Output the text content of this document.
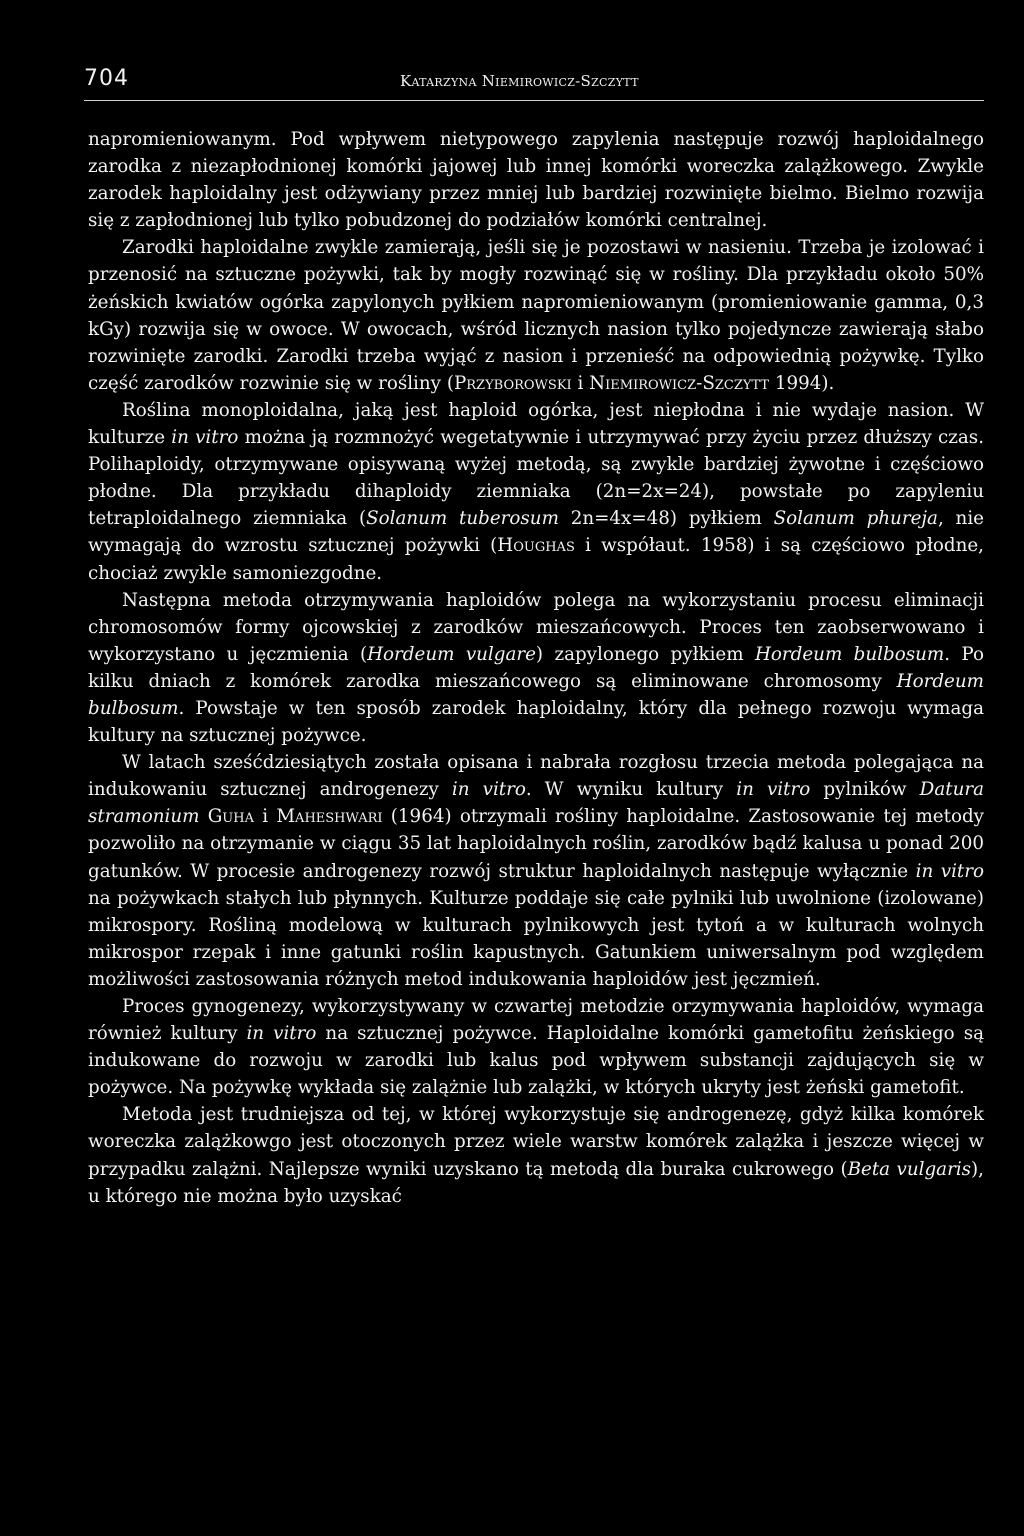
704	Katarzyna Niemirowicz-Szczytt

napromieniowanym. Pod wpływem nietypowego zapylenia następuje rozwój haploidalnego zarodka z niezapłodnionej komórki jajowej lub innej komórki woreczka zalążkowego. Zwykle zarodek haploidalny jest odżywiany przez mniej lub bardziej rozwinięte bielmo. Bielmo rozwija się z zapłodnionej lub tylko pobudzonej do podziałów komórki centralnej.

Zarodki haploidalne zwykle zamierają, jeśli się je pozostawi w nasieniu. Trzeba je izolować i przenosić na sztuczne pożywki, tak by mogły rozwinąć się w rośliny. Dla przykładu około 50% żeńskich kwiatów ogórka zapylonych pyłkiem napromieniowanym (promieniowanie gamma, 0,3 kGy) rozwija się w owoce. W owocach, wśród licznych nasion tylko pojedyncze zawierają słabo rozwinięte zarodki. Zarodki trzeba wyjąć z nasion i przenieść na odpowiednią pożywkę. Tylko część zarodków rozwinie się w rośliny (Przyborowski i Niemirowicz-Szczytt 1994).

Roślina monoploidalna, jaką jest haploid ogórka, jest niepłodna i nie wydaje nasion. W kulturze in vitro można ją rozmnożyć wegetatywnie i utrzymywać przy życiu przez dłuższy czas. Polihaploidy, otrzymywane opisywaną wyżej metodą, są zwykle bardziej żywotne i częściowo płodne. Dla przykładu dihaploidy ziemniaka (2n=2x=24), powstałe po zapyleniu tetraploidalnego ziemniaka (Solanum tuberosum 2n=4x=48) pyłkiem Solanum phureja, nie wymagają do wzrostu sztucznej pożywki (Houghas i współaut. 1958) i są częściowo płodne, chociaż zwykle samoniezgodne.

Następna metoda otrzymywania haploidów polega na wykorzystaniu procesu eliminacji chromosomów formy ojcowskiej z zarodków mieszańcowych. Proces ten zaobserwowano i wykorzystano u jęczmienia (Hordeum vulgare) zapylonego pyłkiem Hordeum bulbosum. Po kilku dniach z komórek zarodka mieszańcowego są eliminowane chromosomy Hordeum bulbosum. Powstaje w ten sposób zarodek haploidalny, który dla pełnego rozwoju wymaga kultury na sztucznej pożywce.

W latach sześćdziesiątych została opisana i nabrała rozgłosu trzecia metoda polegająca na indukowaniu sztucznej androgenezy in vitro. W wyniku kultury in vitro pylników Datura stramonium Guha i Maheshwari (1964) otrzymali rośliny haploidalne. Zastosowanie tej metody pozwoliło na otrzymanie w ciągu 35 lat haploidalnych roślin, zarodków bądź kalusa u ponad 200 gatunków. W procesie androgenezy rozwój struktur haploidalnych następuje wyłącznie in vitro na pożywkach stałych lub płynnych. Kulturze poddaje się całe pylniki lub uwolnione (izolowane) mikrospory. Rośliną modelową w kulturach pylnikowych jest tytoń a w kulturach wolnych mikrospor rzepak i inne gatunki roślin kapustnych. Gatunkiem uniwersalnym pod względem możliwości zastosowania różnych metod indukowania haploidów jest jęczmień.

Proces gynogenezy, wykorzystywany w czwartej metodzie orzymywania haploidów, wymaga również kultury in vitro na sztucznej pożywce. Haploidalne komórki gametofitu żeńskiego są indukowane do rozwoju w zarodki lub kalus pod wpływem substancji zajdujących się w pożywce. Na pożywkę wykłada się zalążnie lub zalążki, w których ukryty jest żeński gametofit.

Metoda jest trudniejsza od tej, w której wykorzystuje się androgenezę, gdyż kilka komórek woreczka zalążkowgo jest otoczonych przez wiele warstw komórek zalążka i jeszcze więcej w przypadku zalążni. Najlepsze wyniki uzyskano tą metodą dla buraka cukrowego (Beta vulgaris), u którego nie można było uzyskać
